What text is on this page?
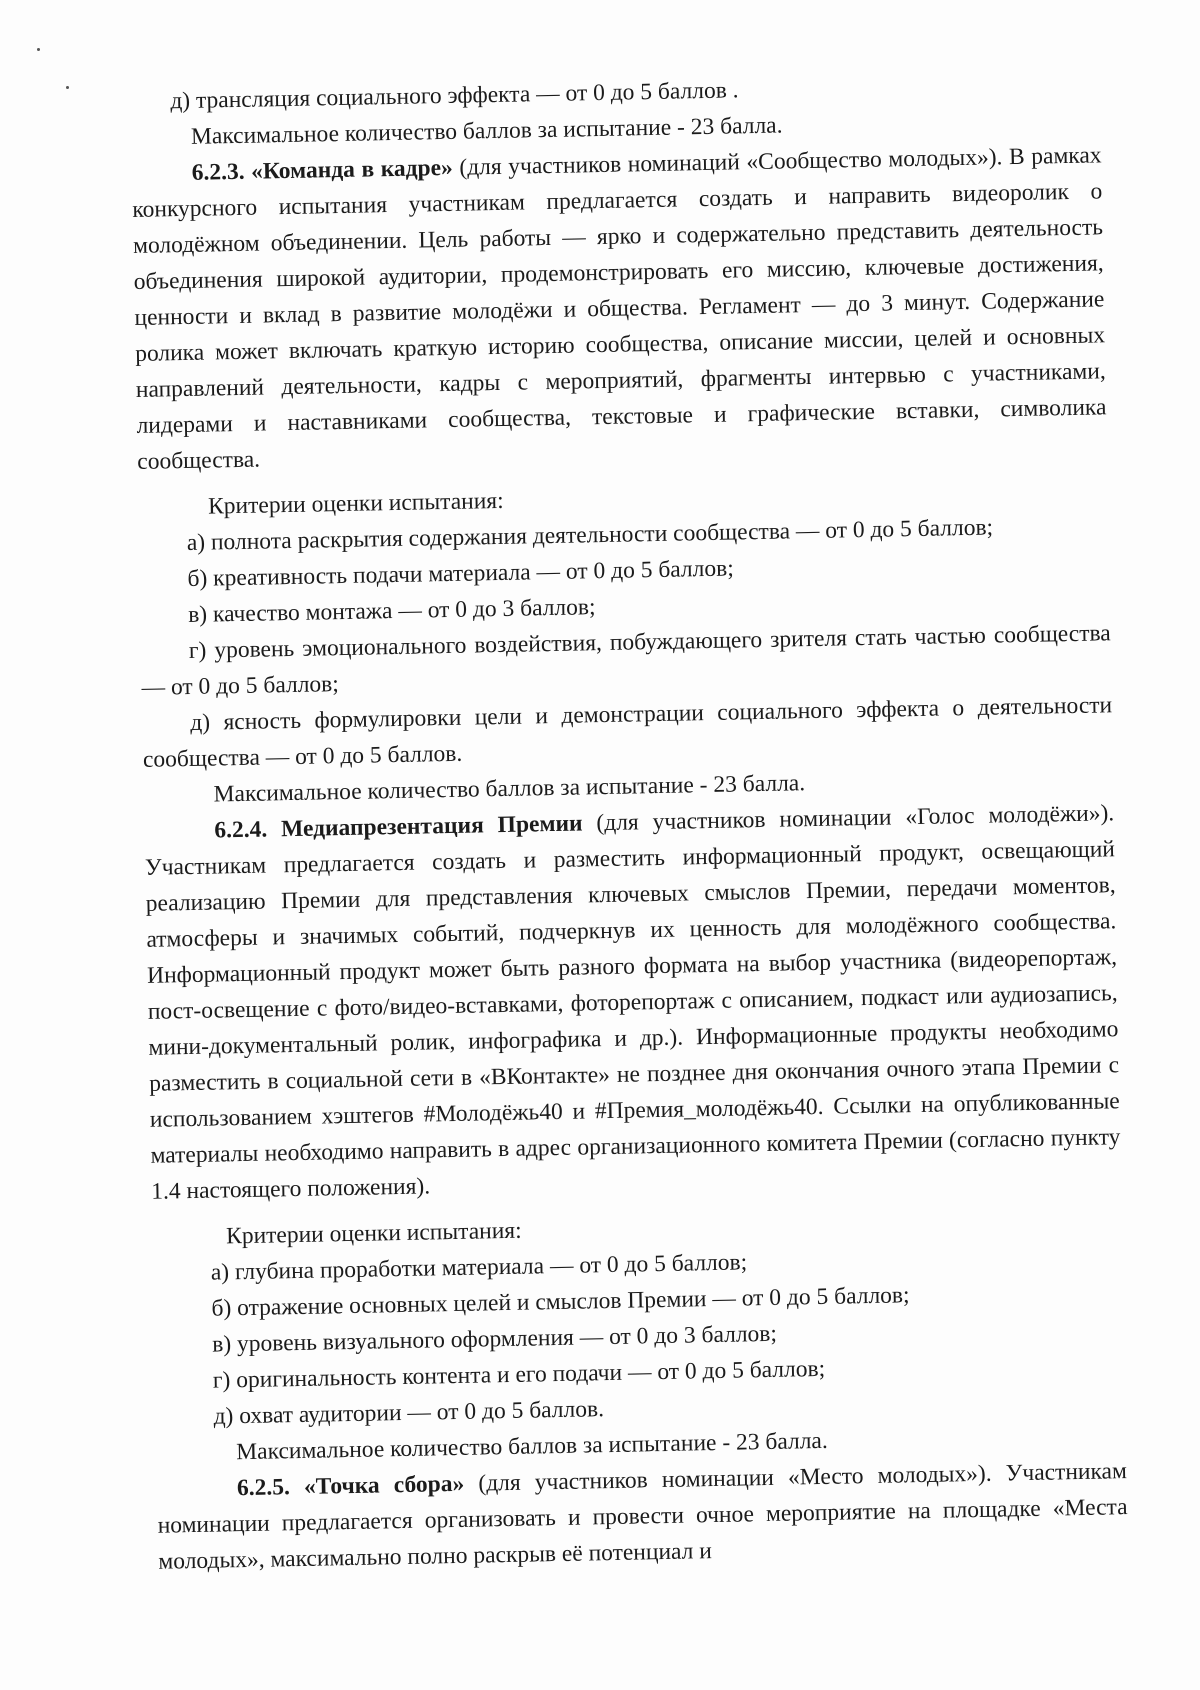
д) трансляция социального эффекта — от 0 до 5 баллов .

Максимальное количество баллов за испытание - 23 балла.

6.2.3. «Команда в кадре» (для участников номинаций «Сообщество молодых»). В рамках конкурсного испытания участникам предлагается создать и направить видеоролик о молодёжном объединении. Цель работы — ярко и содержательно представить деятельность объединения широкой аудитории, продемонстрировать его миссию, ключевые достижения, ценности и вклад в развитие молодёжи и общества. Регламент — до 3 минут. Содержание ролика может включать краткую историю сообщества, описание миссии, целей и основных направлений деятельности, кадры с мероприятий, фрагменты интервью с участниками, лидерами и наставниками сообщества, текстовые и графические вставки, символика сообщества.

Критерии оценки испытания:

а) полнота раскрытия содержания деятельности сообщества — от 0 до 5 баллов;

б) креативность подачи материала — от 0 до 5 баллов;

в) качество монтажа — от 0 до 3 баллов;

г) уровень эмоционального воздействия, побуждающего зрителя стать частью сообщества — от 0 до 5 баллов;

д) ясность формулировки цели и демонстрации социального эффекта о деятельности сообщества — от 0 до 5 баллов.

Максимальное количество баллов за испытание - 23 балла.

6.2.4. Медиапрезентация Премии (для участников номинации «Голос молодёжи»). Участникам предлагается создать и разместить информационный продукт, освещающий реализацию Премии для представления ключевых смыслов Премии, передачи моментов, атмосферы и значимых событий, подчеркнув их ценность для молодёжного сообщества. Информационный продукт может быть разного формата на выбор участника (видеорепортаж, пост-освещение с фото/видео-вставками, фоторепортаж с описанием, подкаст или аудиозапись, мини-документальный ролик, инфографика и др.). Информационные продукты необходимо разместить в социальной сети в «ВКонтакте» не позднее дня окончания очного этапа Премии с использованием хэштегов #Молодёжь40 и #Премия_молодёжь40. Ссылки на опубликованные материалы необходимо направить в адрес организационного комитета Премии (согласно пункту 1.4 настоящего положения).

Критерии оценки испытания:

а) глубина проработки материала — от 0 до 5 баллов;

б) отражение основных целей и смыслов Премии — от 0 до 5 баллов;

в) уровень визуального оформления — от 0 до 3 баллов;

г) оригинальность контента и его подачи — от 0 до 5 баллов;

д) охват аудитории — от 0 до 5 баллов.

Максимальное количество баллов за испытание - 23 балла.

6.2.5. «Точка сбора» (для участников номинации «Место молодых»). Участникам номинации предлагается организовать и провести очное мероприятие на площадке «Места молодых», максимально полно раскрыв её потенциал и
